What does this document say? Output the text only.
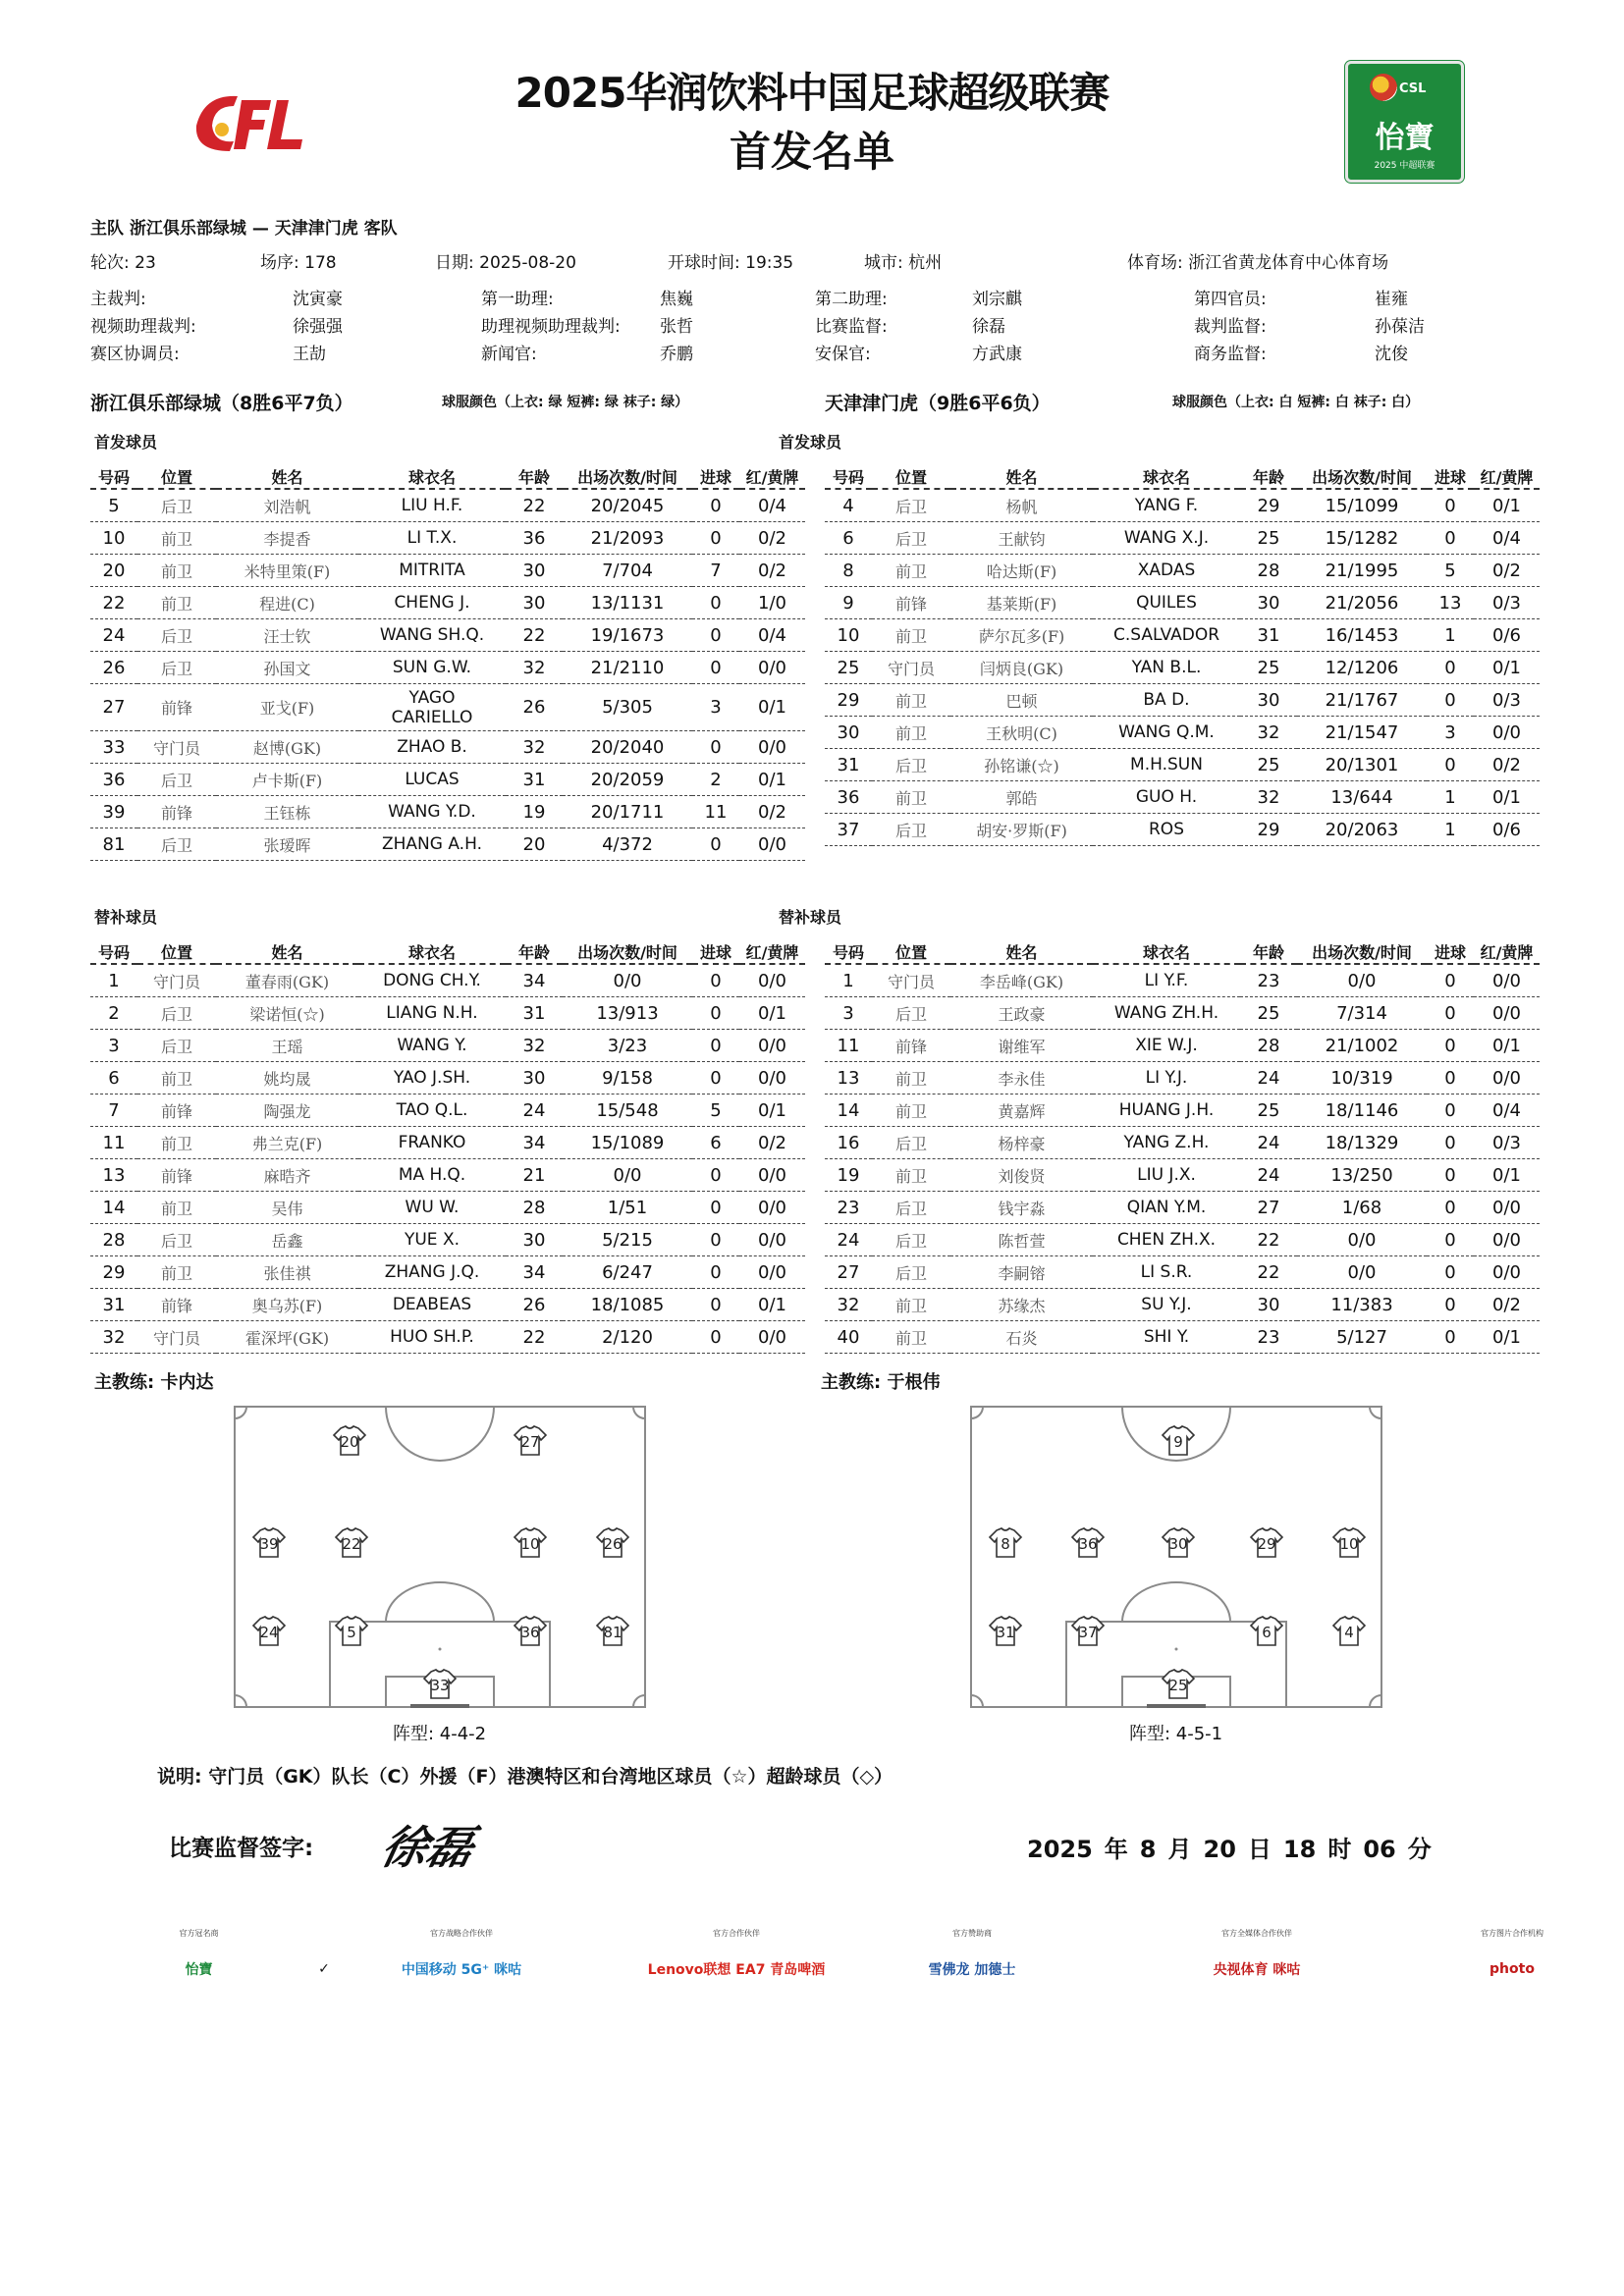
CFL	2025华润饮料中国足球超级联赛
首发名单
CSL
怡寶
2025 中超联赛
主队 浙江俱乐部绿城 — 天津津门虎 客队
轮次: 23	场序: 178	日期: 2025-08-20	开球时间: 19:35	城市: 杭州	体育场: 浙江省黄龙体育中心体育场
主裁判:	沈寅豪	第一助理:	焦巍	第二助理:	刘宗麒	第四官员:	崔雍
视频助理裁判:	徐强强	助理视频助理裁判: 张哲	比赛监督:	徐磊	裁判监督:	孙葆洁
赛区协调员:	王劼	新闻官:	乔鹏	安保官:	方武康	商务监督:	沈俊
浙江俱乐部绿城（8胜6平7负）	球服颜色（上衣: 绿 短裤: 绿 袜子: 绿）	天津津门虎（9胜6平6负）	球服颜色（上衣: 白 短裤: 白 袜子: 白）
首发球员	首发球员
替补球员	替补球员
号码	位置	姓名	球衣名	年龄	出场次数/时间	进球	红/黄牌
5	后卫	刘浩帆	LIU H.F.	22	20/2045	0	0/4
10	前卫	李提香	LI T.X.	36	21/2093	0	0/2
20	前卫	米特里策(F)	MITRITA	30	7/704	7	0/2
22	前卫	程进(C)	CHENG J.	30	13/1131	0	1/0
24	后卫	汪士钦	WANG SH.Q.	22	19/1673	0	0/4
26	后卫	孙国文	SUN G.W.	32	21/2110	0	0/0
27	前锋	亚戈(F)	YAGO
CARIELLO	26	5/305	3	0/1
33	守门员	赵博(GK)	ZHAO B.	32	20/2040	0	0/0
36	后卫	卢卡斯(F)	LUCAS	31	20/2059	2	0/1
39	前锋	王钰栋	WANG Y.D.	19	20/1711	11	0/2
81	后卫	张瑷晖	ZHANG A.H.	20	4/372	0	0/0
号码	位置	姓名	球衣名	年龄	出场次数/时间	进球	红/黄牌
4	后卫	杨帆	YANG F.	29	15/1099	0	0/1
6	后卫	王献钧	WANG X.J.	25	15/1282	0	0/4
8	前卫	哈达斯(F)	XADAS	28	21/1995	5	0/2
9	前锋	基莱斯(F)	QUILES	30	21/2056	13	0/3
10	前卫	萨尔瓦多(F)	C.SALVADOR	31	16/1453	1	0/6
25	守门员	闫炳良(GK)	YAN B.L.	25	12/1206	0	0/1
29	前卫	巴顿	BA D.	30	21/1767	0	0/3
30	前卫	王秋明(C)	WANG Q.M.	32	21/1547	3	0/0
31	后卫	孙铭谦(☆)	M.H.SUN	25	20/1301	0	0/2
36	前卫	郭皓	GUO H.	32	13/644	1	0/1
37	后卫	胡安·罗斯(F)	ROS	29	20/2063	1	0/6
号码	位置	姓名	球衣名	年龄	出场次数/时间	进球	红/黄牌
1	守门员	董春雨(GK)	DONG CH.Y.	34	0/0	0	0/0
2	后卫	梁诺恒(☆)	LIANG N.H.	31	13/913	0	0/1
3	后卫	王瑶	WANG Y.	32	3/23	0	0/0
6	前卫	姚均晟	YAO J.SH.	30	9/158	0	0/0
7	前锋	陶强龙	TAO Q.L.	24	15/548	5	0/1
11	前卫	弗兰克(F)	FRANKO	34	15/1089	6	0/2
13	前锋	麻晧齐	MA H.Q.	21	0/0	0	0/0
14	前卫	吴伟	WU W.	28	1/51	0	0/0
28	后卫	岳鑫	YUE X.	30	5/215	0	0/0
29	前卫	张佳祺	ZHANG J.Q.	34	6/247	0	0/0
31	前锋	奥乌苏(F)	DEABEAS	26	18/1085	0	0/1
32	守门员	霍深坪(GK)	HUO SH.P.	22	2/120	0	0/0
号码	位置	姓名	球衣名	年龄	出场次数/时间	进球	红/黄牌
1	守门员	李岳峰(GK)	LI Y.F.	23	0/0	0	0/0
3	后卫	王政豪	WANG ZH.H.	25	7/314	0	0/0
11	前锋	谢维军	XIE W.J.	28	21/1002	0	0/1
13	前卫	李永佳	LI Y.J.	24	10/319	0	0/0
14	前卫	黄嘉辉	HUANG J.H.	25	18/1146	0	0/4
16	后卫	杨梓豪	YANG Z.H.	24	18/1329	0	0/3
19	前卫	刘俊贤	LIU J.X.	24	13/250	0	0/1
23	后卫	钱宇淼	QIAN Y.M.	27	1/68	0	0/0
24	后卫	陈哲萱	CHEN ZH.X.	22	0/0	0	0/0
27	后卫	李嗣镕	LI S.R.	22	0/0	0	0/0
32	前卫	苏缘杰	SU Y.J.	30	11/383	0	0/2
40	前卫	石炎	SHI Y.	23	5/127	0	0/1
主教练: 卡内达	主教练: 于根伟
20	27
39	22	10	26
24	5	36	81
33
9
8	36	30	29	10
31	37	6	4
25
阵型: 4-4-2	阵型: 4-5-1
说明: 守门员（GK）队长（C）外援（F）港澳特区和台湾地区球员（☆）超龄球员（◇）
比赛监督签字: 徐磊	2025 年 8 月 20 日 18 时 06 分
官方冠名商
怡寶	✓
官方战略合作伙伴
中国移动 5G⁺ 咪咕
官方合作伙伴
Lenovo联想 EA7 青岛啤酒
官方赞助商
雪佛龙 加德士
官方全媒体合作伙伴
央视体育 咪咕
官方图片合作机构
photo
